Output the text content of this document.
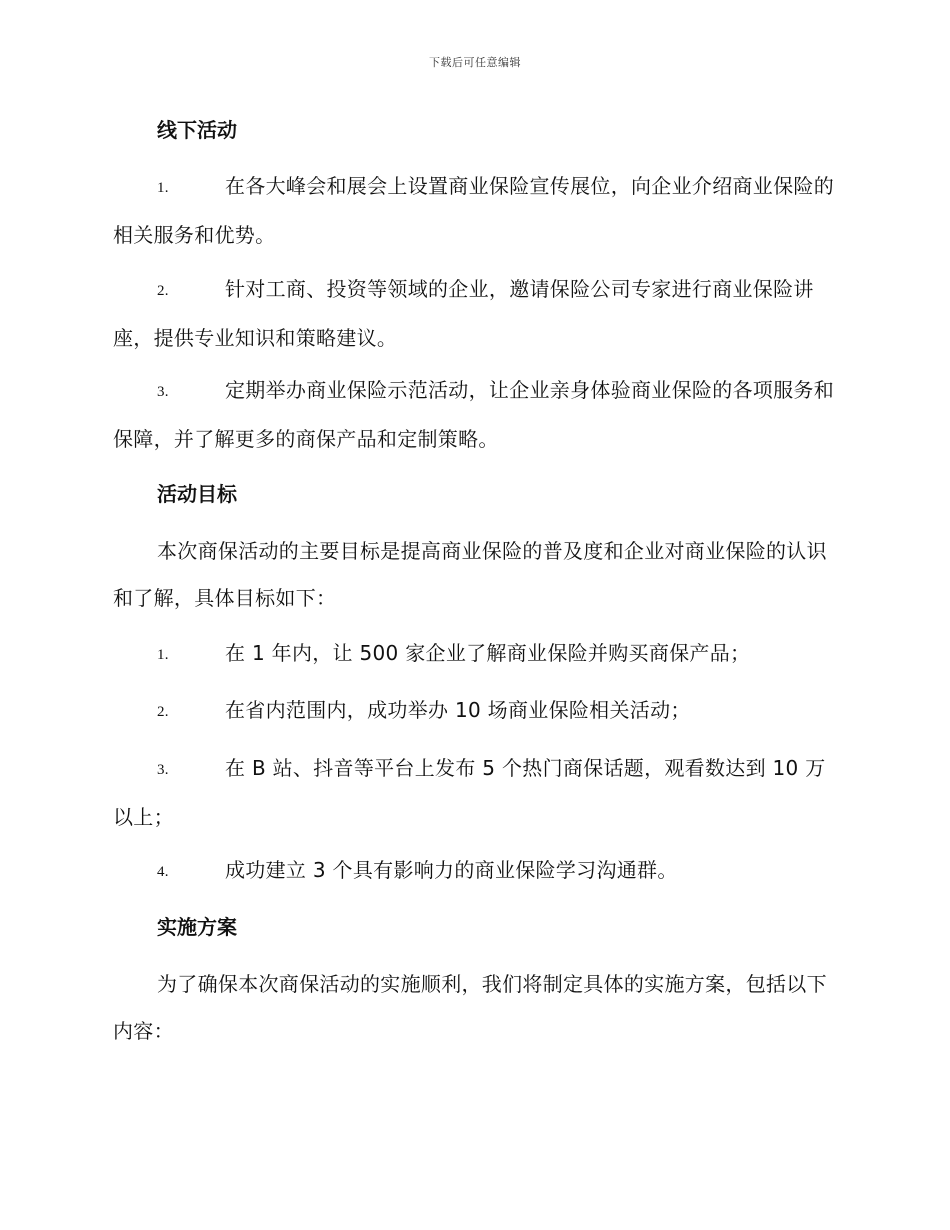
下载后可任意编辑
线下活动
1.	在各大峰会和展会上设置商业保险宣传展位，向企业介绍商业保险的相关服务和优势。
2.	针对工商、投资等领域的企业，邀请保险公司专家进行商业保险讲座，提供专业知识和策略建议。
3.	定期举办商业保险示范活动，让企业亲身体验商业保险的各项服务和保障，并了解更多的商保产品和定制策略。
活动目标
本次商保活动的主要目标是提高商业保险的普及度和企业对商业保险的认识和了解，具体目标如下：
1.	在 1 年内，让 500 家企业了解商业保险并购买商保产品；
2.	在省内范围内，成功举办 10 场商业保险相关活动；
3.	在 B 站、抖音等平台上发布 5 个热门商保话题，观看数达到 10 万以上；
4.	成功建立 3 个具有影响力的商业保险学习沟通群。
实施方案
为了确保本次商保活动的实施顺利，我们将制定具体的实施方案，包括以下内容：
